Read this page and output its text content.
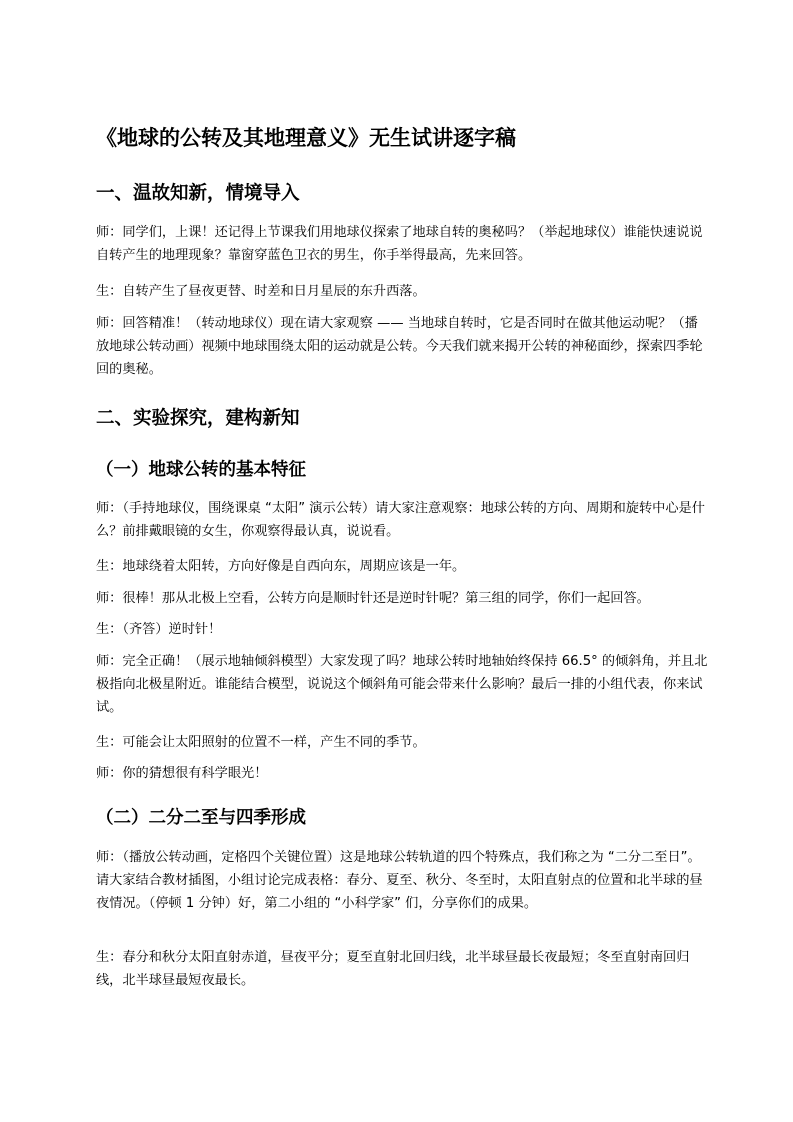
《地球的公转及其地理意义》无生试讲逐字稿
一、温故知新，情境导入

师：同学们，上课！还记得上节课我们用地球仪探索了地球自转的奥秘吗？（举起地球仪）谁能快速说说自转产生的地理现象？靠窗穿蓝色卫衣的男生，你手举得最高，先来回答。

生：自转产生了昼夜更替、时差和日月星辰的东升西落。

师：回答精准！（转动地球仪）现在请大家观察 —— 当地球自转时，它是否同时在做其他运动呢？（播放地球公转动画）视频中地球围绕太阳的运动就是公转。今天我们就来揭开公转的神秘面纱，探索四季轮回的奥秘。

二、实验探究，建构新知
（一）地球公转的基本特征

师：（手持地球仪，围绕课桌 “太阳” 演示公转）请大家注意观察：地球公转的方向、周期和旋转中心是什么？前排戴眼镜的女生，你观察得最认真，说说看。

生：地球绕着太阳转，方向好像是自西向东，周期应该是一年。

师：很棒！那从北极上空看，公转方向是顺时针还是逆时针呢？第三组的同学，你们一起回答。

生：（齐答）逆时针！

师：完全正确！（展示地轴倾斜模型）大家发现了吗？地球公转时地轴始终保持 66.5° 的倾斜角，并且北极指向北极星附近。谁能结合模型，说说这个倾斜角可能会带来什么影响？最后一排的小组代表，你来试试。

生：可能会让太阳照射的位置不一样，产生不同的季节。

师：你的猜想很有科学眼光！

（二）二分二至与四季形成

师：（播放公转动画，定格四个关键位置）这是地球公转轨道的四个特殊点，我们称之为 “二分二至日”。请大家结合教材插图，小组讨论完成表格：春分、夏至、秋分、冬至时，太阳直射点的位置和北半球的昼夜情况。（停顿 1 分钟）好，第二小组的 “小科学家” 们，分享你们的成果。

生：春分和秋分太阳直射赤道，昼夜平分；夏至直射北回归线，北半球昼最长夜最短；冬至直射南回归线，北半球昼最短夜最长。
